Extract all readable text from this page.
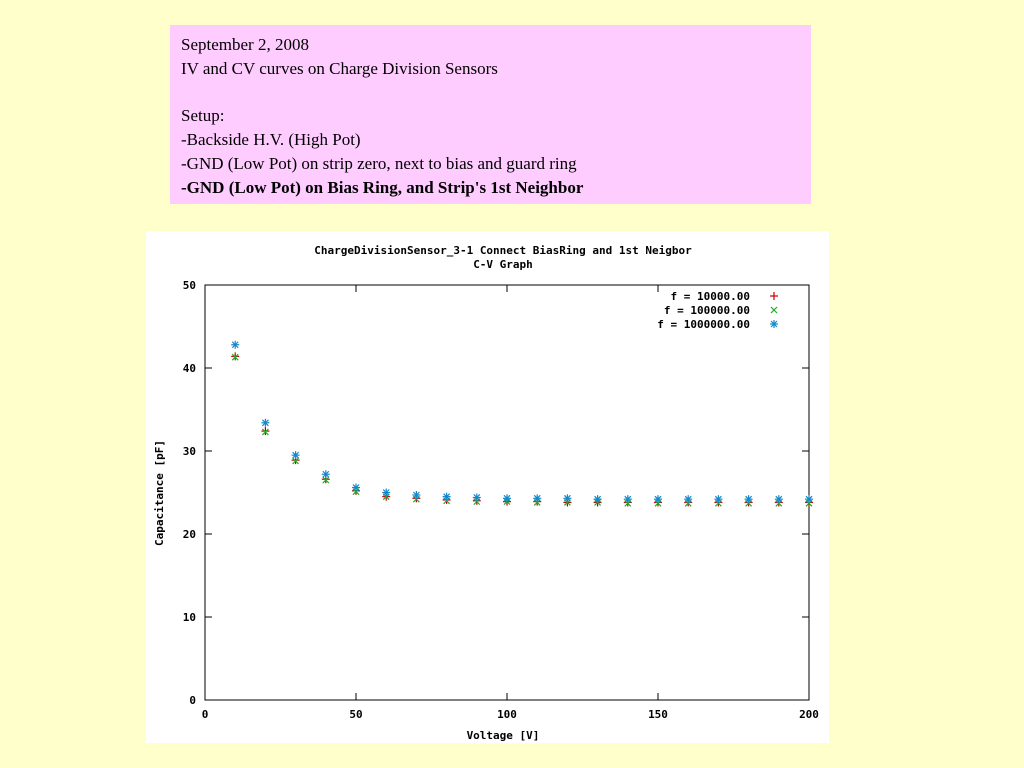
September 2, 2008
IV and CV curves on Charge Division Sensors
Setup:
-Backside H.V. (High Pot)
-GND (Low Pot) on strip zero, next to bias and guard ring
-GND (Low Pot) on Bias Ring, and Strip's 1st Neighbor
ChargeDivisionSensor_3-1 Connect BiasRing and 1st Neigbor
C-V Graph
0	50	100	150	200
0
10
20
30
40
50
f = 10000.00
f = 100000.00
f = 1000000.00
Voltage [V]
Capacitance [pF]
